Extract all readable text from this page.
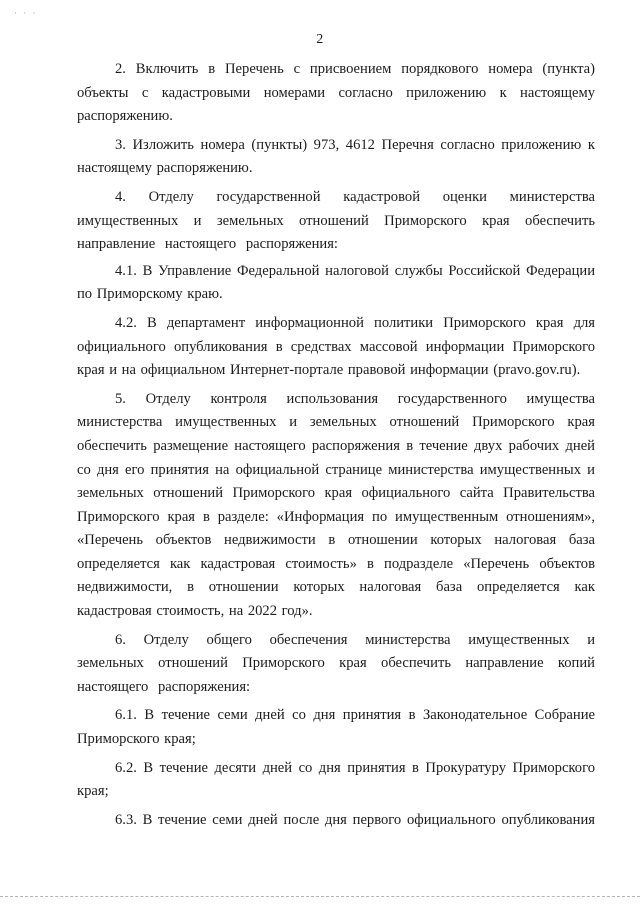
· · ·
2

2. Включить в Перечень с присвоением порядкового номера (пункта) объекты с кадастровыми номерами согласно приложению к настоящему распоряжению.

3. Изложить номера (пункты) 973, 4612 Перечня согласно приложению к настоящему распоряжению.

4. Отделу государственной кадастровой оценки министерства имущественных и земельных отношений Приморского края обеспечить направление настоящего распоряжения:

4.1. В Управление Федеральной налоговой службы Российской Федерации по Приморскому краю.

4.2. В департамент информационной политики Приморского края для официального опубликования в средствах массовой информации Приморского края и на официальном Интернет-портале правовой информации (pravo.gov.ru).

5. Отделу контроля использования государственного имущества министерства имущественных и земельных отношений Приморского края обеспечить размещение настоящего распоряжения в течение двух рабочих дней со дня его принятия на официальной странице министерства имущественных и земельных отношений Приморского края официального сайта Правительства Приморского края в разделе: «Информация по имущественным отношениям», «Перечень объектов недвижимости в отношении которых налоговая база определяется как кадастровая стоимость» в подразделе «Перечень объектов недвижимости, в отношении которых налоговая база определяется как кадастровая стоимость, на 2022 год».

6. Отделу общего обеспечения министерства имущественных и земельных отношений Приморского края обеспечить направление копий настоящего распоряжения:

6.1. В течение семи дней со дня принятия в Законодательное Собрание Приморского края;

6.2. В течение десяти дней со дня принятия в Прокуратуру Приморского края;

6.3. В течение семи дней после дня первого официального опубликования
